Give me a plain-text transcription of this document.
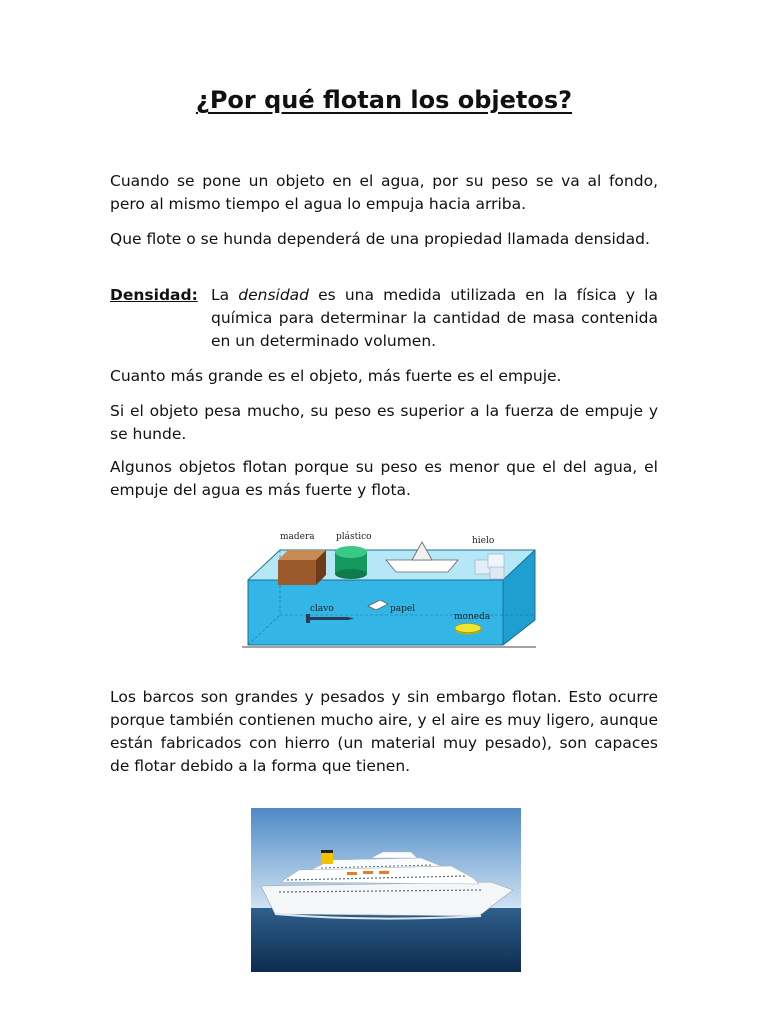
¿Por qué flotan los objetos?
Cuando se pone un objeto en el agua, por su peso se va al fondo, pero al mismo tiempo el agua lo empuja hacia arriba.
Que flote o se hunda dependerá de una propiedad llamada densidad.
Densidad: La densidad es una medida utilizada en la física y la química para determinar la cantidad de masa contenida en un determinado volumen.
Cuanto más grande es el objeto, más fuerte es el empuje.
Si el objeto pesa mucho, su peso es superior a la fuerza de empuje y se hunde.
Algunos objetos flotan porque su peso es menor que el del agua, el empuje del agua es más fuerte y flota.
madera plástico	hielo
clavo	papel
moneda
Los barcos son grandes y pesados y sin embargo flotan. Esto ocurre porque también contienen mucho aire, y el aire es muy ligero, aunque están fabricados con hierro (un material muy pesado), son capaces de flotar debido a la forma que tienen.
